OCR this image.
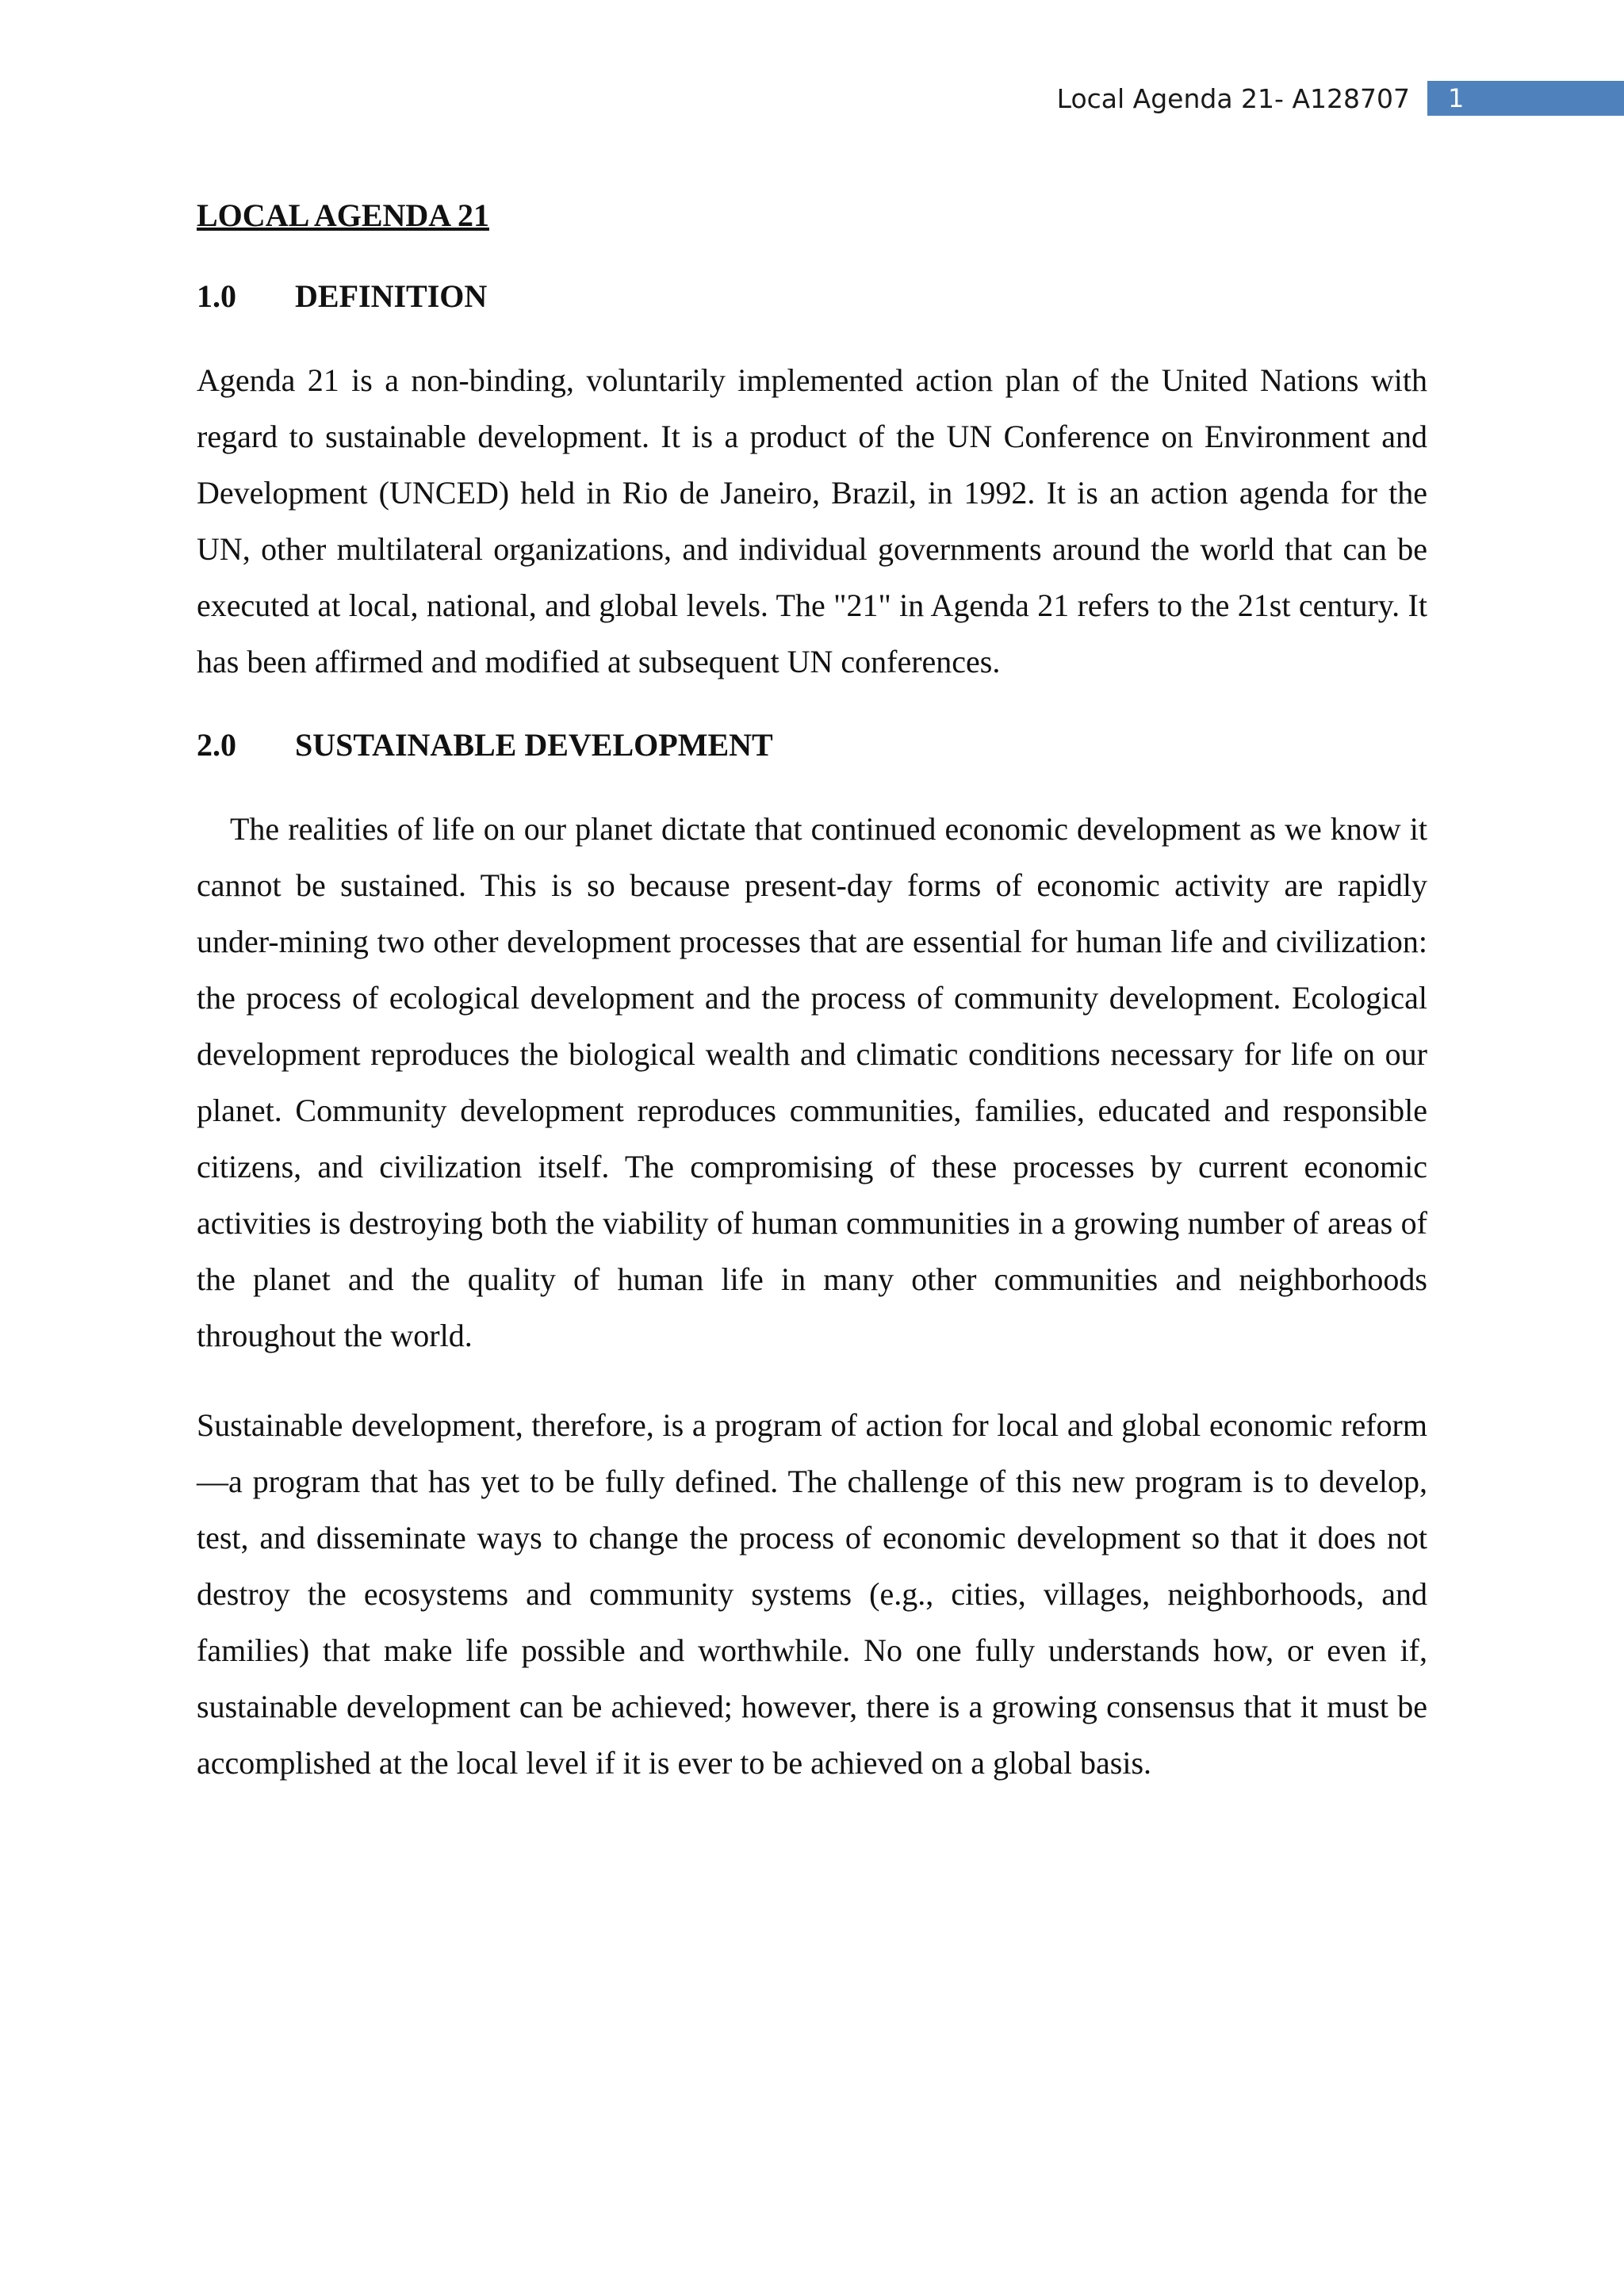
Local Agenda 21- A128707	1
LOCAL AGENDA 21
1.0	DEFINITION

Agenda 21 is a non-binding, voluntarily implemented action plan of the United Nations with regard to sustainable development. It is a product of the UN Conference on Environment and Development (UNCED) held in Rio de Janeiro, Brazil, in 1992. It is an action agenda for the UN, other multilateral organizations, and individual governments around the world that can be executed at local, national, and global levels. The "21" in Agenda 21 refers to the 21st century. It has been affirmed and modified at subsequent UN conferences.

2.0	SUSTAINABLE DEVELOPMENT

The realities of life on our planet dictate that continued economic development as we know it cannot be sustained. This is so because present-day forms of economic activity are rapidly under-mining two other development processes that are essential for human life and civilization: the process of ecological development and the process of community development. Ecological development reproduces the biological wealth and climatic conditions necessary for life on our planet. Community development reproduces communities, families, educated and responsible citizens, and civilization itself. The compromising of these processes by current economic activities is destroying both the viability of human communities in a growing number of areas of the planet and the quality of human life in many other communities and neighborhoods throughout the world.

Sustainable development, therefore, is a program of action for local and global economic reform—a program that has yet to be fully defined. The challenge of this new program is to develop, test, and disseminate ways to change the process of economic development so that it does not destroy the ecosystems and community systems (e.g., cities, villages, neighborhoods, and families) that make life possible and worthwhile. No one fully understands how, or even if, sustainable development can be achieved; however, there is a growing consensus that it must be accomplished at the local level if it is ever to be achieved on a global basis.
